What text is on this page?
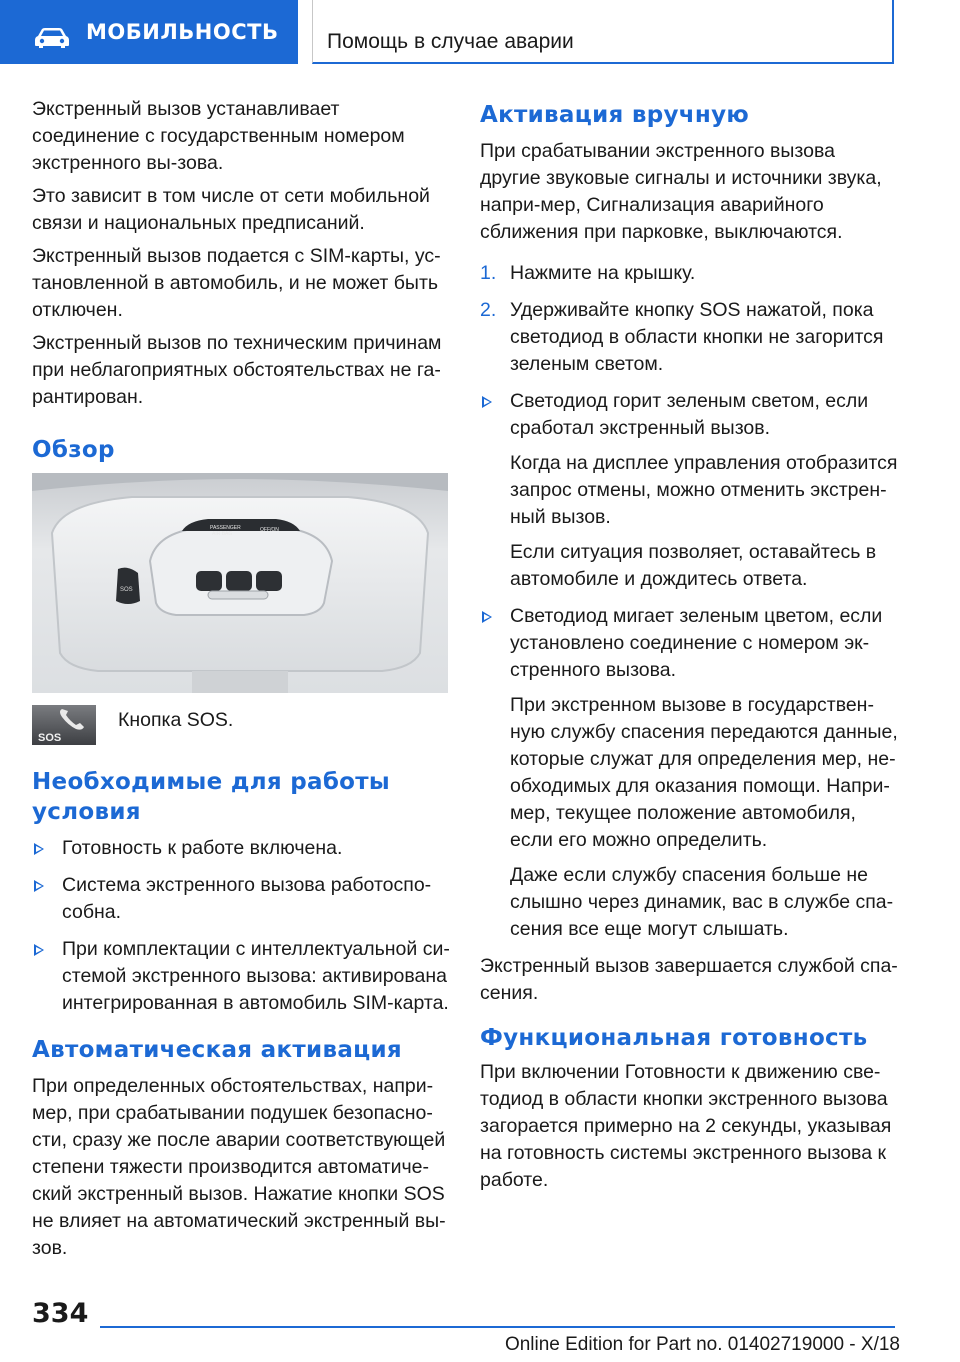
МОБИЛЬНОСТЬ Помощь в случае аварии

Экстренный вызов устанавливает соединение с государственным номером экстренного вы-зова.

Это зависит в том числе от сети мобильной связи и национальных предписаний.

Экстренный вызов подается с SIM-карты, ус-тановленной в автомобиль, и не может быть отключен.

Экстренный вызов по техническим причинам при неблагоприятных обстоятельствах не га-рантирован.

Обзор
PASSENGER
AIR BAG
OFF/ON
SOS
SOS
Кнопка SOS.
Необходимые для работы условия
Готовность к работе включена.
Система экстренного вызова работоспо-собна.
При комплектации с интеллектуальной си-стемой экстренного вызова: активирована интегрированная в автомобиль SIM-карта.
Автоматическая активация

При определенных обстоятельствах, напри-мер, при срабатывании подушек безопасно-сти, сразу же после аварии соответствующей степени тяжести производится автоматиче-ский экстренный вызов. Нажатие кнопки SOS не влияет на автоматический экстренный вы-зов.

Активация вручную

При срабатывании экстренного вызова другие звуковые сигналы и источники звука, напри-мер, Сигнализация аварийного сближения при парковке, выключаются.

1. Нажмите на крышку.
2. Удерживайте кнопку SOS нажатой, пока светодиод в области кнопки не загорится зеленым светом.
Светодиод горит зеленым светом, если сработал экстренный вызов.
Когда на дисплее управления отобразится запрос отмены, можно отменить экстрен-ный вызов.
Если ситуация позволяет, оставайтесь в автомобиле и дождитесь ответа.
Светодиод мигает зеленым цветом, если установлено соединение с номером эк-стренного вызова.
При экстренном вызове в государствен-ную службу спасения передаются данные, которые служат для определения мер, не-обходимых для оказания помощи. Напри-мер, текущее положение автомобиля, если его можно определить.
Даже если службу спасения больше не слышно через динамик, вас в службе спа-сения все еще могут слышать.

Экстренный вызов завершается службой спа-сения.

Функциональная готовность

При включении Готовности к движению све-тодиод в области кнопки экстренного вызова загорается примерно на 2 секунды, указывая на готовность системы экстренного вызова к работе.

334
Online Edition for Part no. 01402719000 - X/18
